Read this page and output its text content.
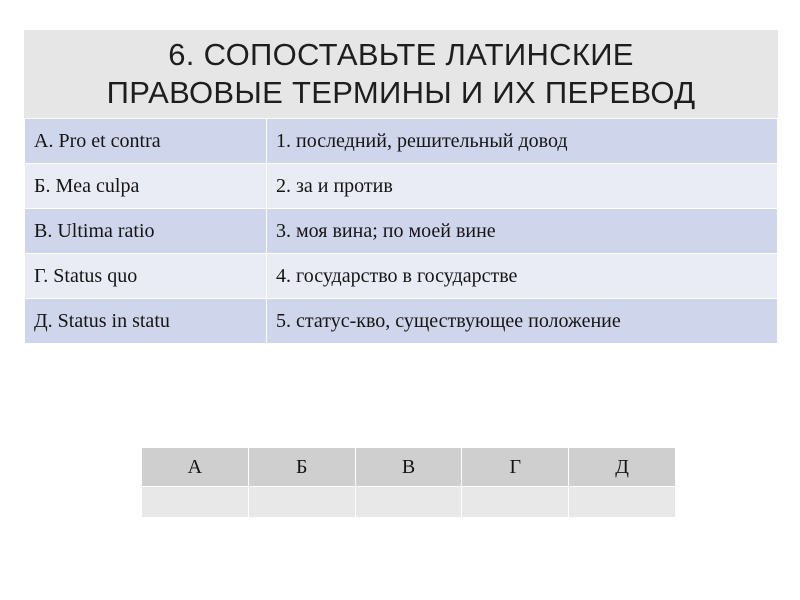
6. СОПОСТАВЬТЕ ЛАТИНСКИЕ
ПРАВОВЫЕ ТЕРМИНЫ И ИХ ПЕРЕВОД
А. Pro et contra	1. последний, решительный довод
Б. Mea culpa	2. за и против
В. Ultima ratio	3. моя вина; по моей вине
Г. Status quo	4. государство в государстве
Д. Status in statu	5. статус-кво, существующее положение
А	Б	В	Г	Д
